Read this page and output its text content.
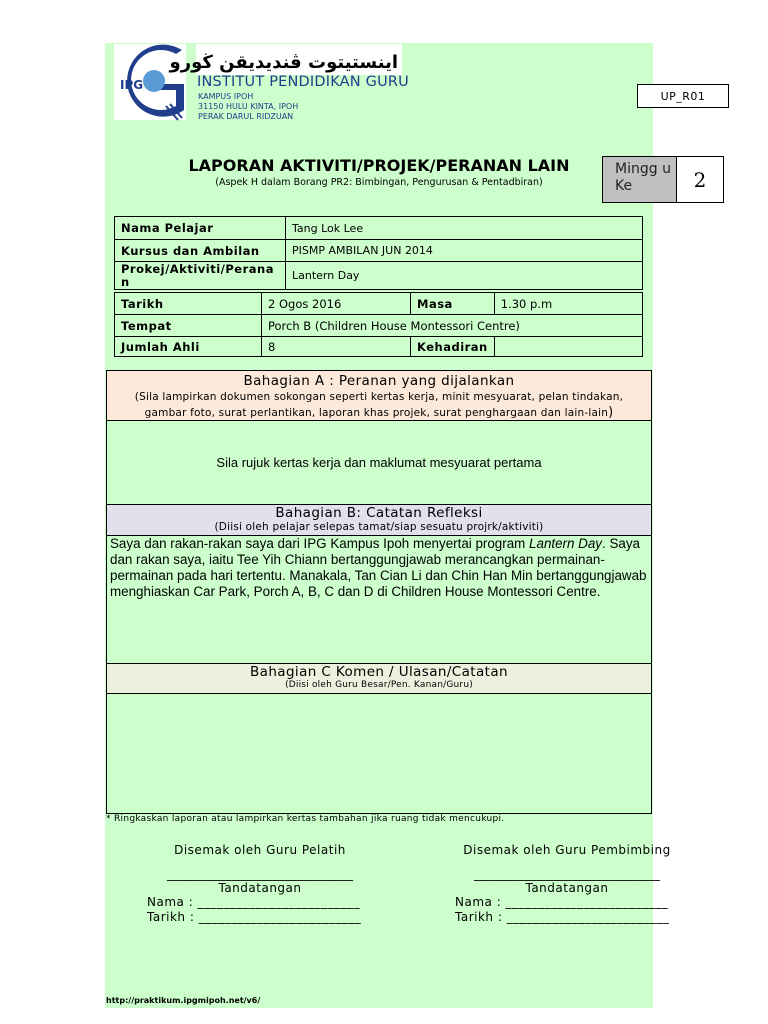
IPG
اينستيتوت ڤنديديقن ڬورو
INSTITUT PENDIDIKAN GURU
KAMPUS IPOH
31150 HULU KINTA, IPOH
PERAK DARUL RIDZUAN
UP_R01
LAPORAN AKTIVITI/PROJEK/PERANAN LAIN
(Aspek H dalam Borang PR2: Bimbingan, Pengurusan & Pentadbiran)
Mingg u Ke	2
Nama Pelajar	Tang Lok Lee
Kursus dan Ambilan	PISMP AMBILAN JUN 2014
Prokej/Aktiviti/Perana n	Lantern Day
Tarikh	2 Ogos 2016	Masa	1.30 p.m
Tempat	Porch B (Children House Montessori Centre)		
Jumlah Ahli	8	Kehadiran	
Bahagian A : Peranan yang dijalankan
(Sila lampirkan dokumen sokongan seperti kertas kerja, minit mesyuarat, pelan tindakan,
gambar foto, surat perlantikan, laporan khas projek, surat penghargaan dan lain-lain)
Sila rujuk kertas kerja dan maklumat mesyuarat pertama
Bahagian B: Catatan Refleksi
(Diisi oleh pelajar selepas tamat/siap sesuatu projrk/aktiviti)

Saya dan rakan-rakan saya dari IPG Kampus Ipoh menyertai program Lantern Day. Saya dan rakan saya, iaitu Tee Yih Chiann bertanggungjawab merancangkan permainan-permainan pada hari tertentu. Manakala, Tan Cian Li dan Chin Han Min bertanggungjawab menghiaskan Car Park, Porch A, B, C dan D di Children House Montessori Centre.

Bahagian C Komen / Ulasan/Catatan
(Diisi oleh Guru Besar/Pen. Kanan/Guru)
* Ringkaskan laporan atau lampirkan kertas tambahan jika ruang tidak mencukupi.
Disemak oleh Guru Pelatih
_______________________________
Tandatangan
Nama : _________________________
Tarikh : _________________________
Disemak oleh Guru Pembimbing
_______________________________
Tandatangan
Nama : _________________________
Tarikh : _________________________
http://praktikum.ipgmipoh.net/v6/
